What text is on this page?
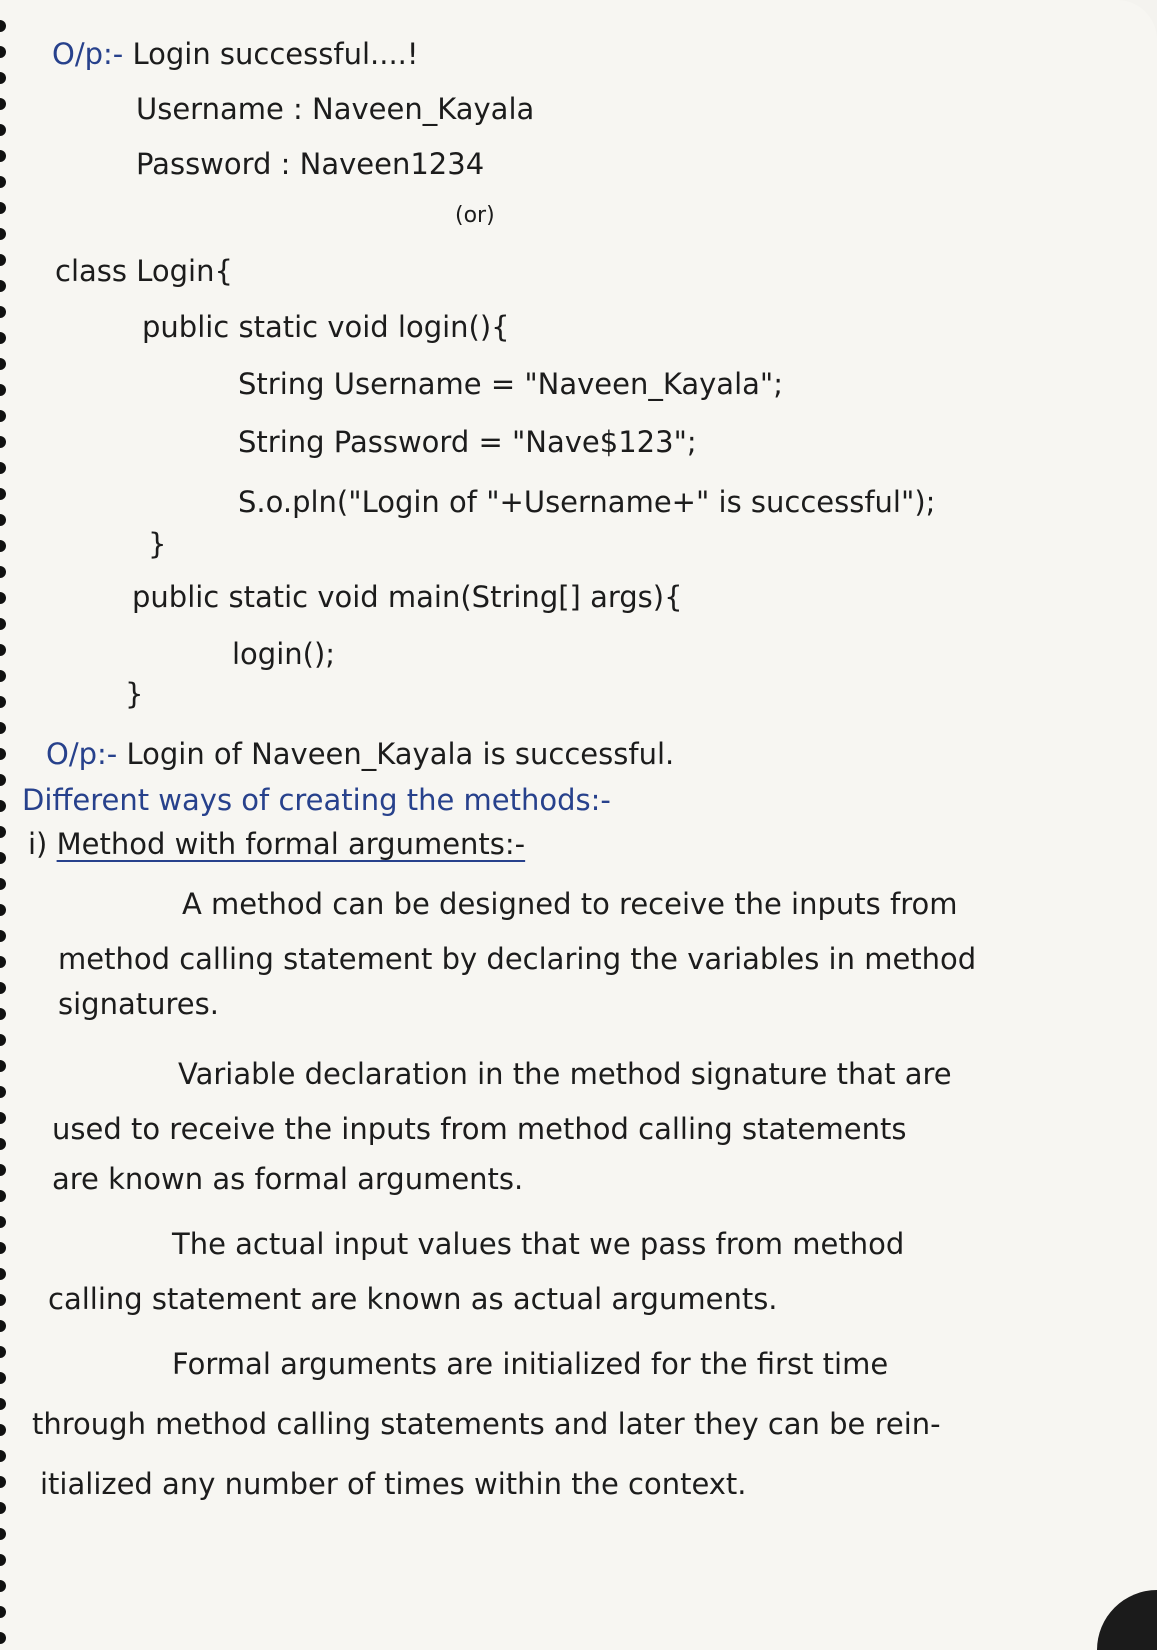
O/p:- Login successful....!
Username : Naveen_Kayala
Password : Naveen1234
(or)
class Login{
public static void login(){
String Username = "Naveen_Kayala";
String Password = "Nave$123";
S.o.pln("Login of "+Username+" is successful");
}
public static void main(String[] args){
login();
}
O/p:- Login of Naveen_Kayala is successful.
Different ways of creating the methods:-
i) Method with formal arguments:-
A method can be designed to receive the inputs from
method calling statement by declaring the variables in method
signatures.
Variable declaration in the method signature that are
used to receive the inputs from method calling statements
are known as formal arguments.
The actual input values that we pass from method
calling statement are known as actual arguments.
Formal arguments are initialized for the first time
through method calling statements and later they can be rein-
itialized any number of times within the context.
